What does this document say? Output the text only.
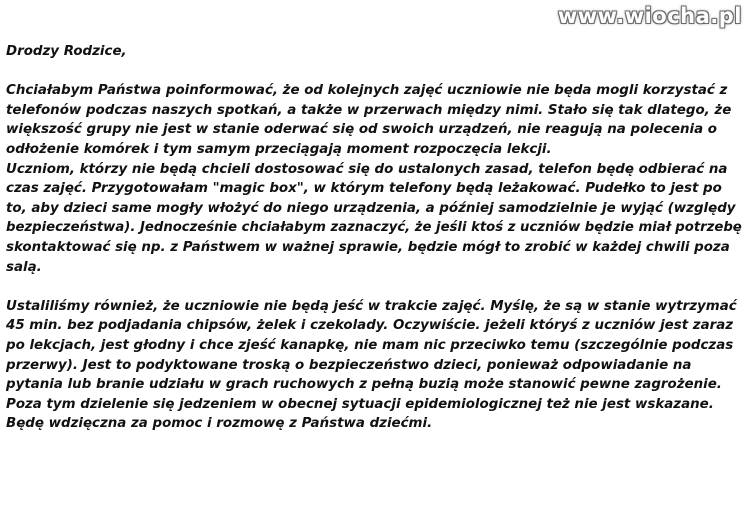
www.wiocha.pl

Drodzy Rodzice,

Chciałabym Państwa poinformować, że od kolejnych zajęć uczniowie nie będa mogli korzystać z
telefonów podczas naszych spotkań, a także w przerwach między nimi. Stało się tak dlatego, że
większość grupy nie jest w stanie oderwać się od swoich urządzeń, nie reagują na polecenia o
odłożenie komórek i tym samym przeciągają moment rozpoczęcia lekcji.

Uczniom, którzy nie będą chcieli dostosować się do ustalonych zasad, telefon będę odbierać na
czas zajęć. Przygotowałam "magic box", w którym telefony będą leżakować. Pudełko to jest po
to, aby dzieci same mogły włożyć do niego urządzenia, a później samodzielnie je wyjąć (względy
bezpieczeństwa). Jednocześnie chciałabym zaznaczyć, że jeśli ktoś z uczniów będzie miał potrzebę
skontaktować się np. z Państwem w ważnej sprawie, będzie mógł to zrobić w każdej chwili poza
salą.

Ustaliliśmy również, że uczniowie nie będą jeść w trakcie zajęć. Myślę, że są w stanie wytrzymać
45 min. bez podjadania chipsów, żelek i czekolady. Oczywiście. jeżeli któryś z uczniów jest zaraz
po lekcjach, jest głodny i chce zjeść kanapkę, nie mam nic przeciwko temu (szczególnie podczas
przerwy). Jest to podyktowane troską o bezpieczeństwo dzieci, ponieważ odpowiadanie na
pytania lub branie udziału w grach ruchowych z pełną buzią może stanowić pewne zagrożenie.
Poza tym dzielenie się jedzeniem w obecnej sytuacji epidemiologicznej też nie jest wskazane.
Będę wdzięczna za pomoc i rozmowę z Państwa dziećmi.
